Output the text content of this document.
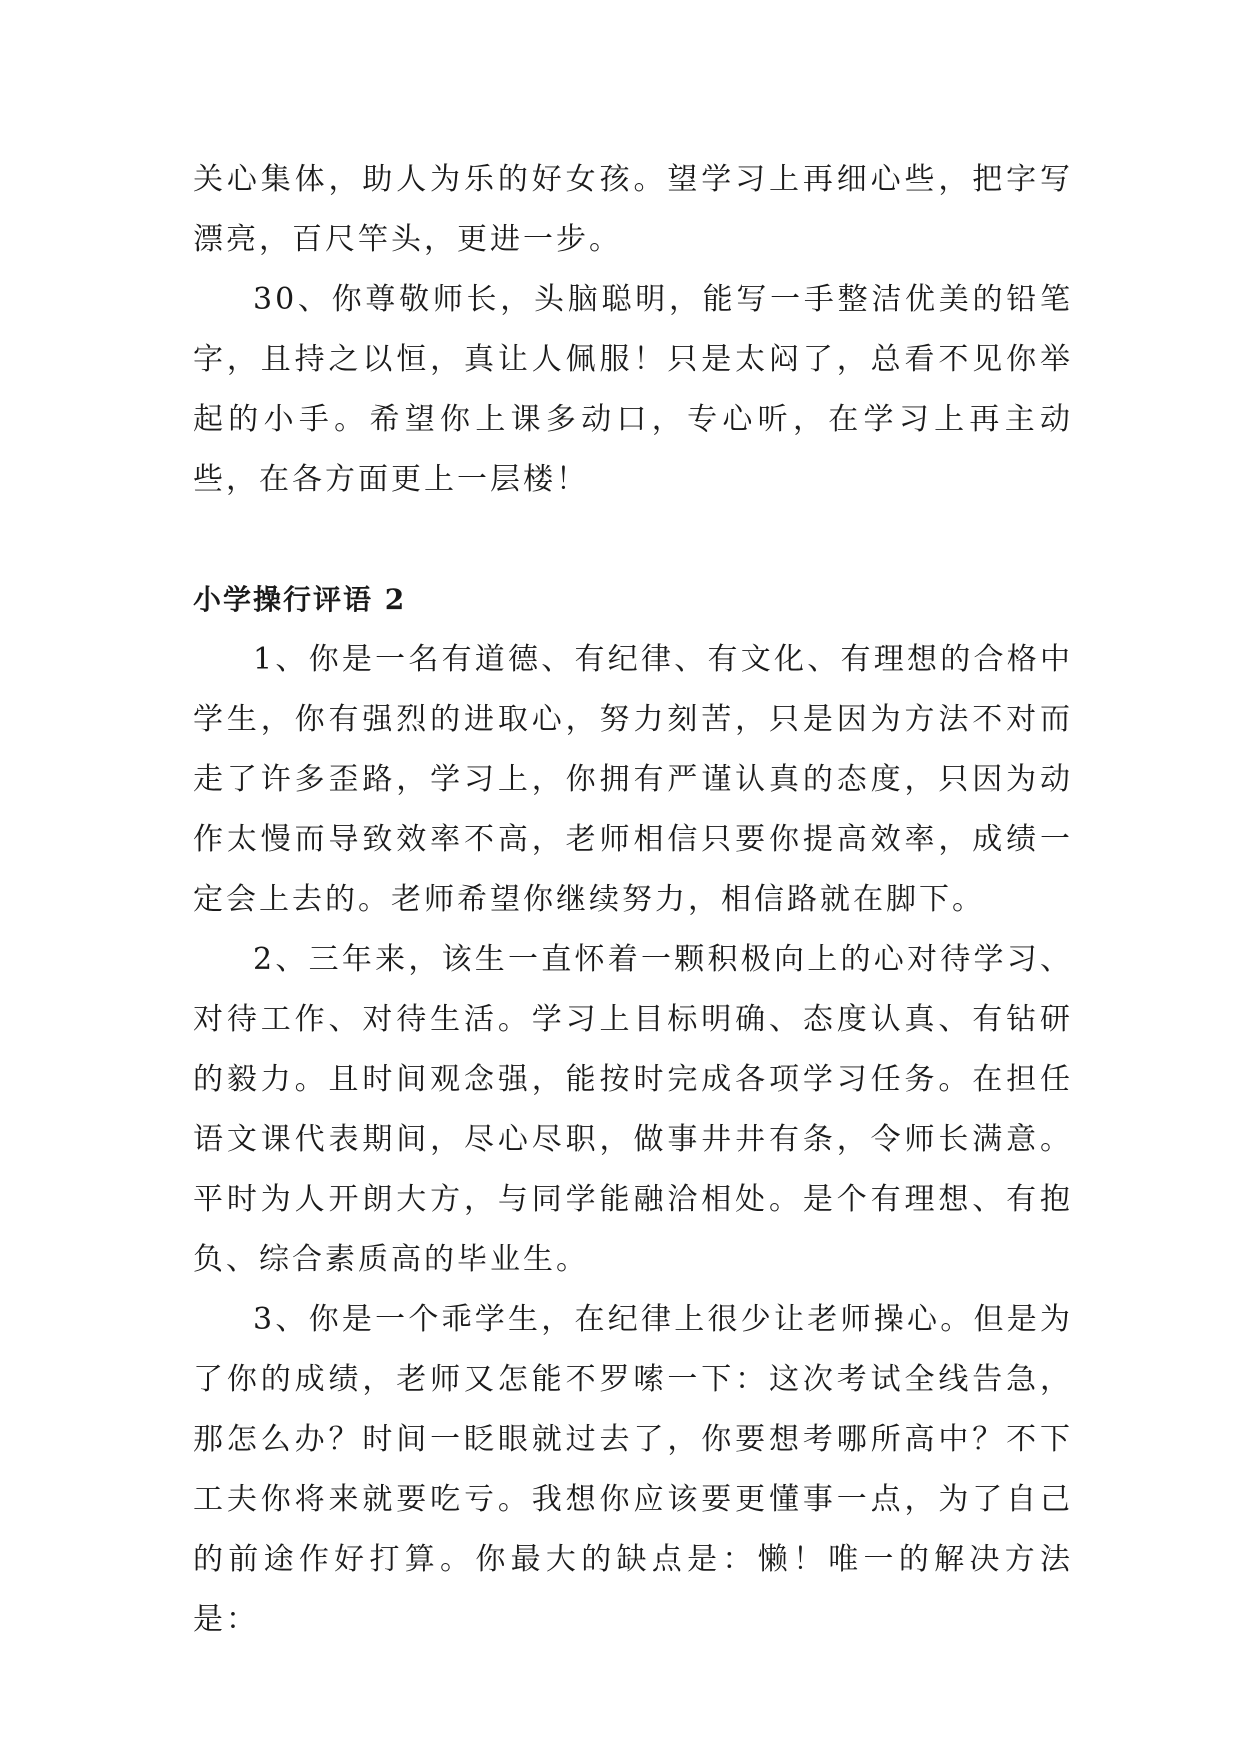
关心集体，助人为乐的好女孩。望学习上再细心些，把字写漂亮，百尺竿头，更进一步。

30、你尊敬师长，头脑聪明，能写一手整洁优美的铅笔字，且持之以恒，真让人佩服！只是太闷了，总看不见你举起的小手。希望你上课多动口，专心听，在学习上再主动些，在各方面更上一层楼！

小学操行评语 2

1、你是一名有道德、有纪律、有文化、有理想的合格中学生，你有强烈的进取心，努力刻苦，只是因为方法不对而走了许多歪路，学习上，你拥有严谨认真的态度，只因为动作太慢而导致效率不高，老师相信只要你提高效率，成绩一定会上去的。老师希望你继续努力，相信路就在脚下。

2、三年来，该生一直怀着一颗积极向上的心对待学习、对待工作、对待生活。学习上目标明确、态度认真、有钻研的毅力。且时间观念强，能按时完成各项学习任务。在担任语文课代表期间，尽心尽职，做事井井有条，令师长满意。平时为人开朗大方，与同学能融洽相处。是个有理想、有抱负、综合素质高的毕业生。

3、你是一个乖学生，在纪律上很少让老师操心。但是为了你的成绩，老师又怎能不罗嗦一下：这次考试全线告急，那怎么办？时间一眨眼就过去了，你要想考哪所高中？不下工夫你将来就要吃亏。我想你应该要更懂事一点，为了自己的前途作好打算。你最大的缺点是：懒！唯一的解决方法是：
